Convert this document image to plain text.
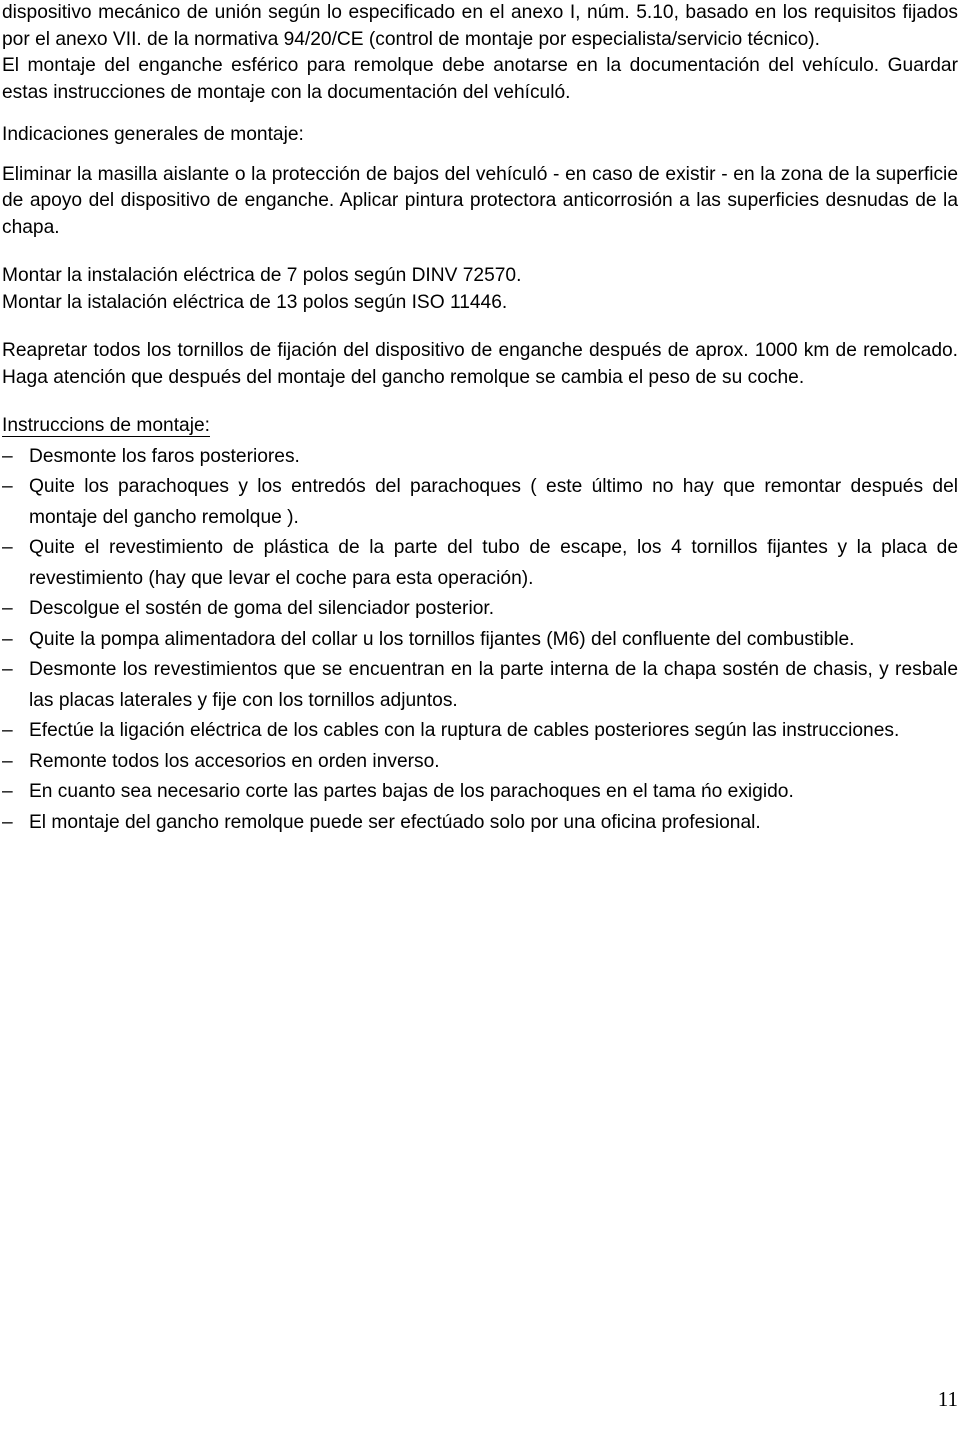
dispositivo mecánico de unión según lo especificado en el anexo I, núm. 5.10, basado en los requisitos fijados por el anexo VII. de la normativa 94/20/CE (control de montaje por especialista/servicio técnico).

El montaje del enganche esférico para remolque debe anotarse en la documentación del vehículo. Guardar estas instrucciones de montaje con la documentación del vehículó.

Indicaciones generales de montaje:

Eliminar la masilla aislante o la protección de bajos del vehículó - en caso de existir - en la zona de la superficie de apoyo del dispositivo de enganche. Aplicar pintura protectora anticorrosión a las superficies desnudas de la chapa.

Montar la instalación eléctrica de 7 polos según DINV 72570.

Montar la istalación eléctrica de 13 polos según ISO 11446.

Reapretar todos los tornillos de fijación del dispositivo de enganche después de aprox. 1000 km de remolcado. Haga atención que después del montaje del gancho remolque se cambia el peso de su coche.

Instruccions de montaje:

– Desmonte los faros posteriores.
– Quite los parachoques y los entredós del parachoques ( este último no hay que remontar después del montaje del gancho remolque ).
– Quite el revestimiento de plástica de la parte del tubo de escape, los 4 tornillos fijantes y la placa de revestimiento (hay que levar el coche para esta operación).
– Descolgue el sostén de goma del silenciador posterior.
– Quite la pompa alimentadora del collar u los tornillos fijantes (M6) del confluente del combustible.
– Desmonte los revestimientos que se encuentran en la parte interna de la chapa sostén de chasis, y resbale las placas laterales y fije con los tornillos adjuntos.
– Efectúe la ligación eléctrica de los cables con la ruptura de cables posteriores según las instrucciones.
– Remonte todos los accesorios en orden inverso.
– En cuanto sea necesario corte las partes bajas de los parachoques en el tama ńo exigido.
– El montaje del gancho remolque puede ser efectúado solo por una oficina profesional.
11
